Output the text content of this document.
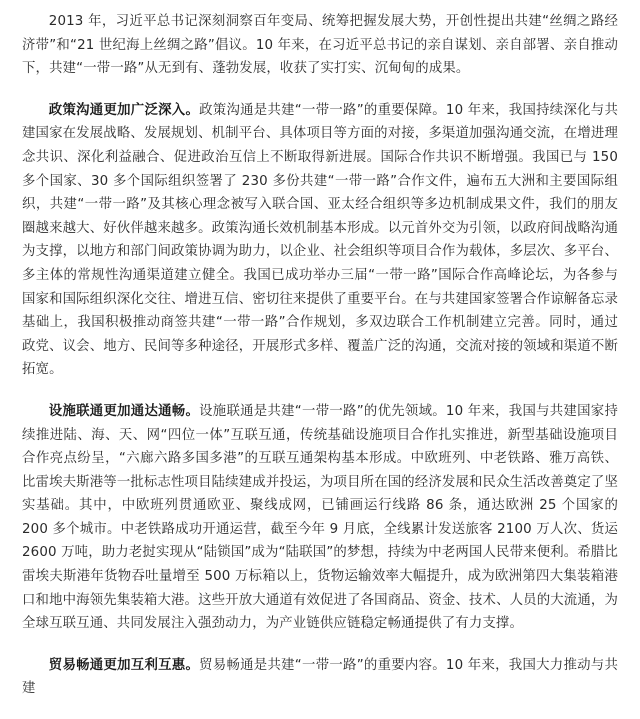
2013 年，习近平总书记深刻洞察百年变局、统筹把握发展大势，开创性提出共建“丝绸之路经济带”和“21 世纪海上丝绸之路”倡议。10 年来，在习近平总书记的亲自谋划、亲自部署、亲自推动下，共建“一带一路”从无到有、蓬勃发展，收获了实打实、沉甸甸的成果。

政策沟通更加广泛深入。政策沟通是共建“一带一路”的重要保障。10 年来，我国持续深化与共建国家在发展战略、发展规划、机制平台、具体项目等方面的对接，多渠道加强沟通交流，在增进理念共识、深化利益融合、促进政治互信上不断取得新进展。国际合作共识不断增强。我国已与 150 多个国家、30 多个国际组织签署了 230 多份共建“一带一路”合作文件，遍布五大洲和主要国际组织，共建“一带一路”及其核心理念被写入联合国、亚太经合组织等多边机制成果文件，我们的朋友圈越来越大、好伙伴越来越多。政策沟通长效机制基本形成。以元首外交为引领，以政府间战略沟通为支撑，以地方和部门间政策协调为助力，以企业、社会组织等项目合作为载体，多层次、多平台、多主体的常规性沟通渠道建立健全。我国已成功举办三届“一带一路”国际合作高峰论坛，为各参与国家和国际组织深化交往、增进互信、密切往来提供了重要平台。在与共建国家签署合作谅解备忘录基础上，我国积极推动商签共建“一带一路”合作规划，多双边联合工作机制建立完善。同时，通过政党、议会、地方、民间等多种途径，开展形式多样、覆盖广泛的沟通，交流对接的领域和渠道不断拓宽。

设施联通更加通达通畅。设施联通是共建“一带一路”的优先领域。10 年来，我国与共建国家持续推进陆、海、天、网“四位一体”互联互通，传统基础设施项目合作扎实推进，新型基础设施项目合作亮点纷呈，“六廊六路多国多港”的互联互通架构基本形成。中欧班列、中老铁路、雅万高铁、比雷埃夫斯港等一批标志性项目陆续建成并投运，为项目所在国的经济发展和民众生活改善奠定了坚实基础。其中，中欧班列贯通欧亚、聚线成网，已铺画运行线路 86 条，通达欧洲 25 个国家的 200 多个城市。中老铁路成功开通运营，截至今年 9 月底，全线累计发送旅客 2100 万人次、货运 2600 万吨，助力老挝实现从“陆锁国”成为“陆联国”的梦想，持续为中老两国人民带来便利。希腊比雷埃夫斯港年货物吞吐量增至 500 万标箱以上，货物运输效率大幅提升，成为欧洲第四大集装箱港口和地中海领先集装箱大港。这些开放大通道有效促进了各国商品、资金、技术、人员的大流通，为全球互联互通、共同发展注入强劲动力，为产业链供应链稳定畅通提供了有力支撑。

贸易畅通更加互利互惠。贸易畅通是共建“一带一路”的重要内容。10 年来，我国大力推动与共建
